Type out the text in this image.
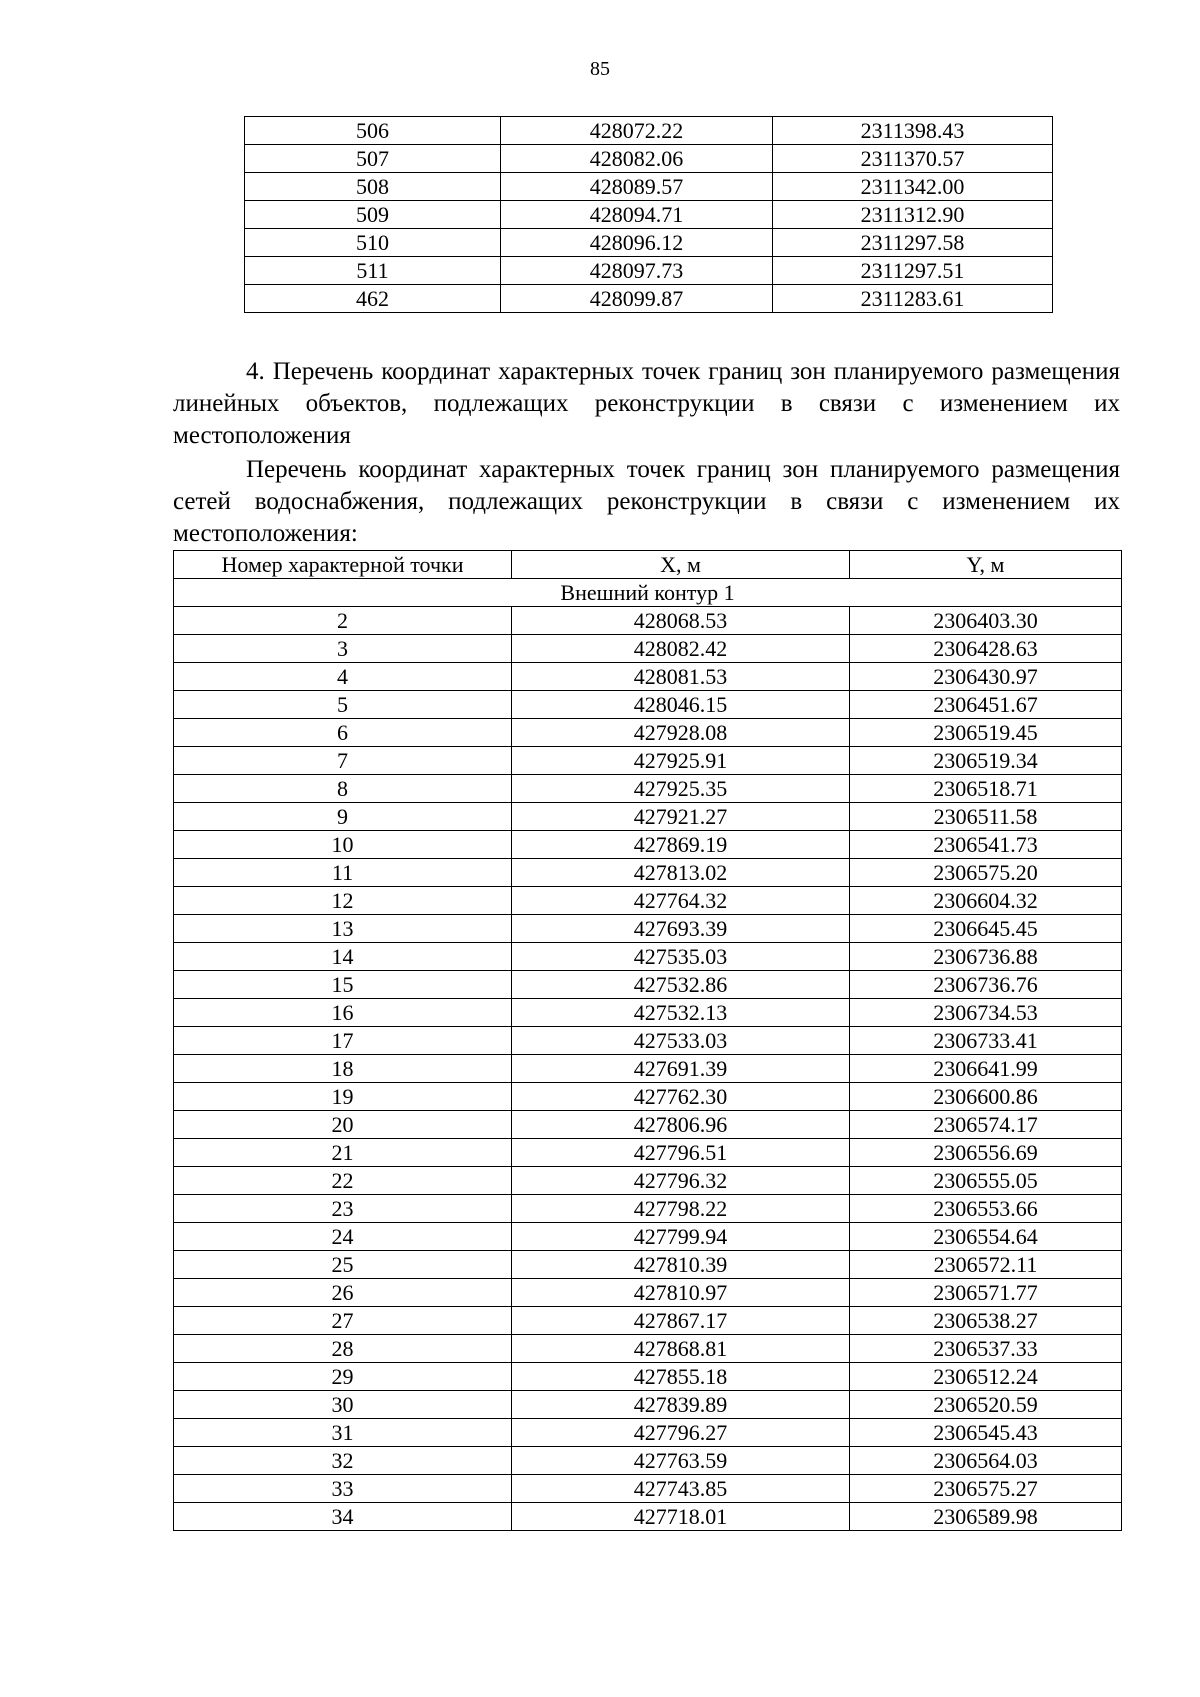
85
506	428072.22	2311398.43
507	428082.06	2311370.57
508	428089.57	2311342.00
509	428094.71	2311312.90
510	428096.12	2311297.58
511	428097.73	2311297.51
462	428099.87	2311283.61
4. Перечень координат характерных точек границ зон планируемого размещения линейных объектов, подлежащих реконструкции в связи с изменением их местоположения
Перечень координат характерных точек границ зон планируемого размещения сетей водоснабжения, подлежащих реконструкции в связи с изменением их местоположения:
Номер характерной точки	X, м	Y, м
Внешний контур 1		
2	428068.53	2306403.30
3	428082.42	2306428.63
4	428081.53	2306430.97
5	428046.15	2306451.67
6	427928.08	2306519.45
7	427925.91	2306519.34
8	427925.35	2306518.71
9	427921.27	2306511.58
10	427869.19	2306541.73
11	427813.02	2306575.20
12	427764.32	2306604.32
13	427693.39	2306645.45
14	427535.03	2306736.88
15	427532.86	2306736.76
16	427532.13	2306734.53
17	427533.03	2306733.41
18	427691.39	2306641.99
19	427762.30	2306600.86
20	427806.96	2306574.17
21	427796.51	2306556.69
22	427796.32	2306555.05
23	427798.22	2306553.66
24	427799.94	2306554.64
25	427810.39	2306572.11
26	427810.97	2306571.77
27	427867.17	2306538.27
28	427868.81	2306537.33
29	427855.18	2306512.24
30	427839.89	2306520.59
31	427796.27	2306545.43
32	427763.59	2306564.03
33	427743.85	2306575.27
34	427718.01	2306589.98
